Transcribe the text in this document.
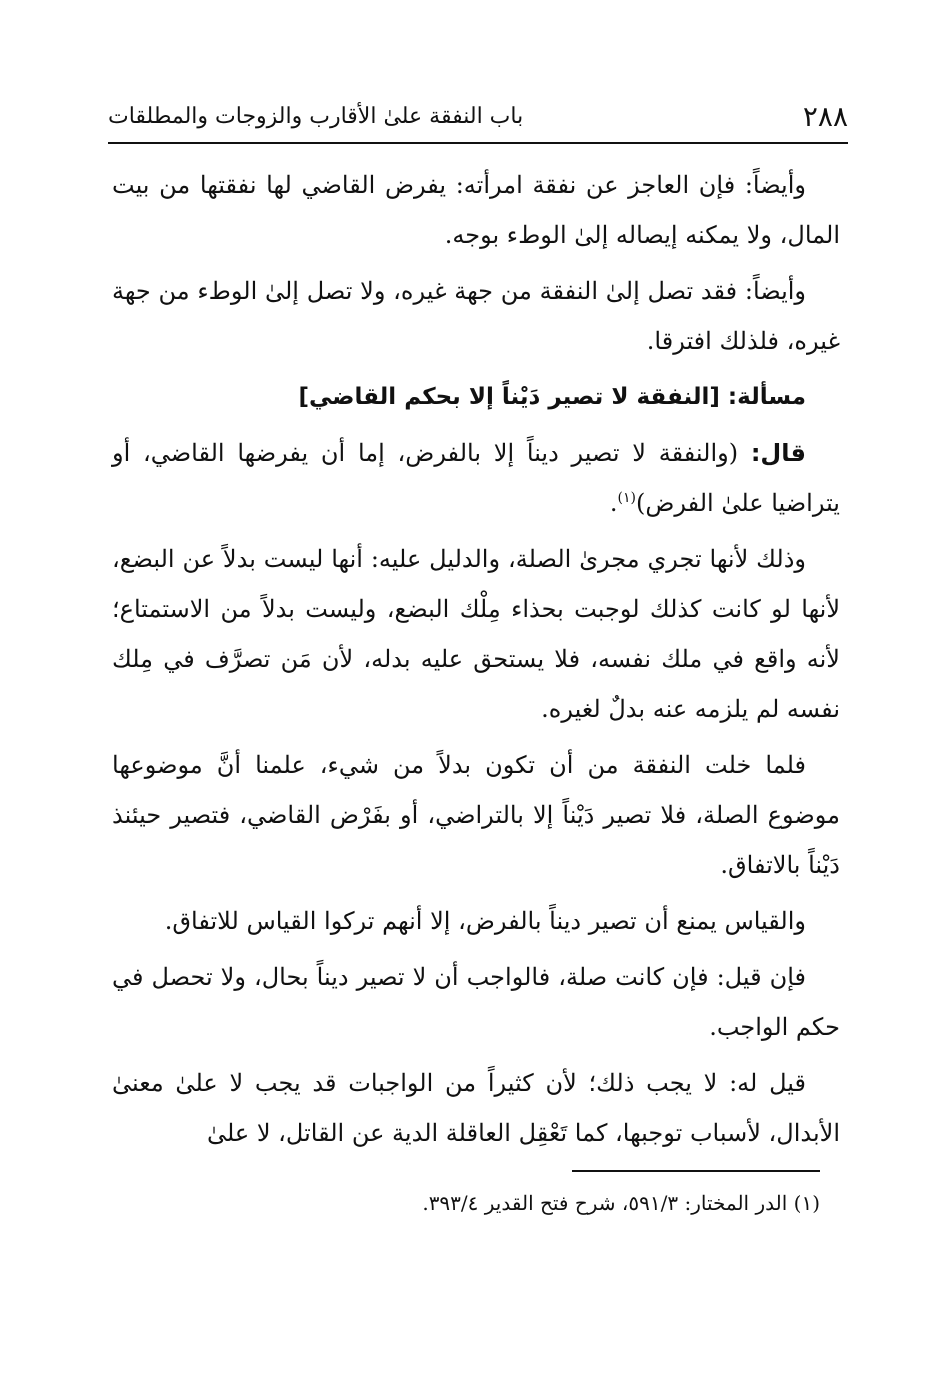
٢٨٨
باب النفقة علىٰ الأقارب والزوجات والمطلقات

وأيضاً: فإن العاجز عن نفقة امرأته: يفرض القاضي لها نفقتها من بيت المال، ولا يمكنه إيصاله إلىٰ الوطء بوجه.

وأيضاً: فقد تصل إلىٰ النفقة من جهة غيره، ولا تصل إلىٰ الوطء من جهة غيره، فلذلك افترقا.

مسألة: [النفقة لا تصير دَيْناً إلا بحكم القاضي]

قال: (والنفقة لا تصير ديناً إلا بالفرض، إما أن يفرضها القاضي، أو يتراضيا علىٰ الفرض)$^{(١)}$.

وذلك لأنها تجري مجرىٰ الصلة، والدليل عليه: أنها ليست بدلاً عن البضع، لأنها لو كانت كذلك لوجبت بحذاء مِلْك البضع، وليست بدلاً من الاستمتاع؛ لأنه واقع في ملك نفسه، فلا يستحق عليه بدله، لأن مَن تصرَّف في مِلك نفسه لم يلزمه عنه بدلٌ لغيره.

فلما خلت النفقة من أن تكون بدلاً من شيء، علمنا أنَّ موضوعها موضوع الصلة، فلا تصير دَيْناً إلا بالتراضي، أو بفَرْض القاضي، فتصير حيئنذ دَيْناً بالاتفاق.

والقياس يمنع أن تصير ديناً بالفرض، إلا أنهم تركوا القياس للاتفاق.

فإن قيل: فإن كانت صلة، فالواجب أن لا تصير ديناً بحال، ولا تحصل في حكم الواجب.

قيل له: لا يجب ذلك؛ لأن كثيراً من الواجبات قد يجب لا علىٰ معنىٰ الأبدال، لأسباب توجبها، كما تَعْقِل العاقلة الدية عن القاتل، لا علىٰ

(١) الدر المختار: ٥٩١/٣، شرح فتح القدير ٣٩٣/٤.
